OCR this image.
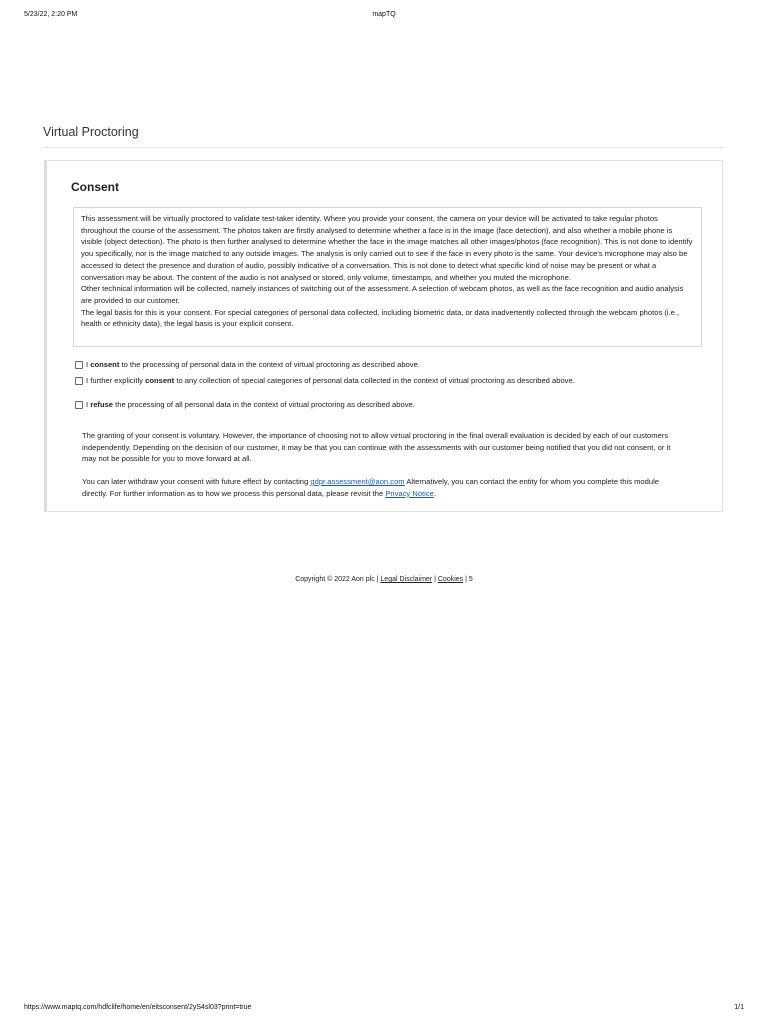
5/23/22, 2:20 PM	mapTQ
Virtual Proctoring
Consent

This assessment will be virtually proctored to validate test-taker identity. Where you provide your consent, the camera on your device will be activated to take regular photos throughout the course of the assessment. The photos taken are firstly analysed to determine whether a face is in the image (face detection), and also whether a mobile phone is visible (object detection). The photo is then further analysed to determine whether the face in the image matches all other images/photos (face recognition). This is not done to identify you specifically, nor is the image matched to any outside images. The analysis is only carried out to see if the face in every photo is the same. Your device's microphone may also be accessed to detect the presence and duration of audio, possibly indicative of a conversation. This is not done to detect what specific kind of noise may be present or what a conversation may be about. The content of the audio is not analysed or stored, only volume, timestamps, and whether you muted the microphone.

Other technical information will be collected, namely instances of switching out of the assessment. A selection of webcam photos, as well as the face recognition and audio analysis are provided to our customer.

The legal basis for this is your consent. For special categories of personal data collected, including biometric data, or data inadvertently collected through the webcam photos (i.e., health or ethnicity data), the legal basis is your explicit consent.

I consent to the processing of personal data in the context of virtual proctoring as described above.
I further explicitly consent to any collection of special categories of personal data collected in the context of virtual proctoring as described above.
I refuse the processing of all personal data in the context of virtual proctoring as described above.

The granting of your consent is voluntary. However, the importance of choosing not to allow virtual proctoring in the final overall evaluation is decided by each of our customers independently. Depending on the decision of our customer, it may be that you can continue with the assessments with our customer being notified that you did not consent, or it may not be possible for you to move forward at all.

You can later withdraw your consent with future effect by contacting gdpr.assessment@aon.com Alternatively, you can contact the entity for whom you complete this module directly. For further information as to how we process this personal data, please revisit the Privacy Notice.

Copyright © 2022 Aon plc | Legal Disclaimer | Cookies | 5
https://www.maptq.com/hdfclife/home/en/eitsconsent/2yS4sl03?print=true	1/1
